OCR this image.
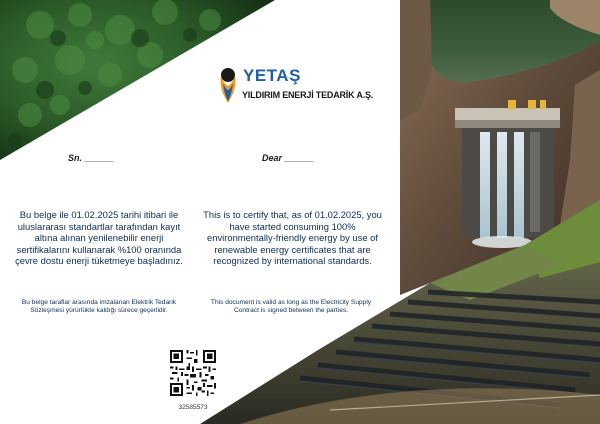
YETAŞ
YILDIRIM ENERJİ TEDARİK A.Ş.
Sn. ______	Dear ______
Bu belge ile 01.02.2025 tarihi itibari ile uluslararası standartlar tarafından kayıt altına alınan yenilenebilir enerji sertifikalarını kullanarak %100 oranında çevre dostu enerji tüketmeye başladınız.
This is to certify that, as of 01.02.2025, you have started consuming 100% environmentally-friendly energy by use of renewable energy certificates that are recognized by international standards.
Bu belge taraflar arasında imzalanan Elektrik Tedarik Sözleşmesi yürürlükte kaldığı sürece geçerlidir.
This document is valid as long as the Electricity Supply Contract is signed between the parties.
32585573
